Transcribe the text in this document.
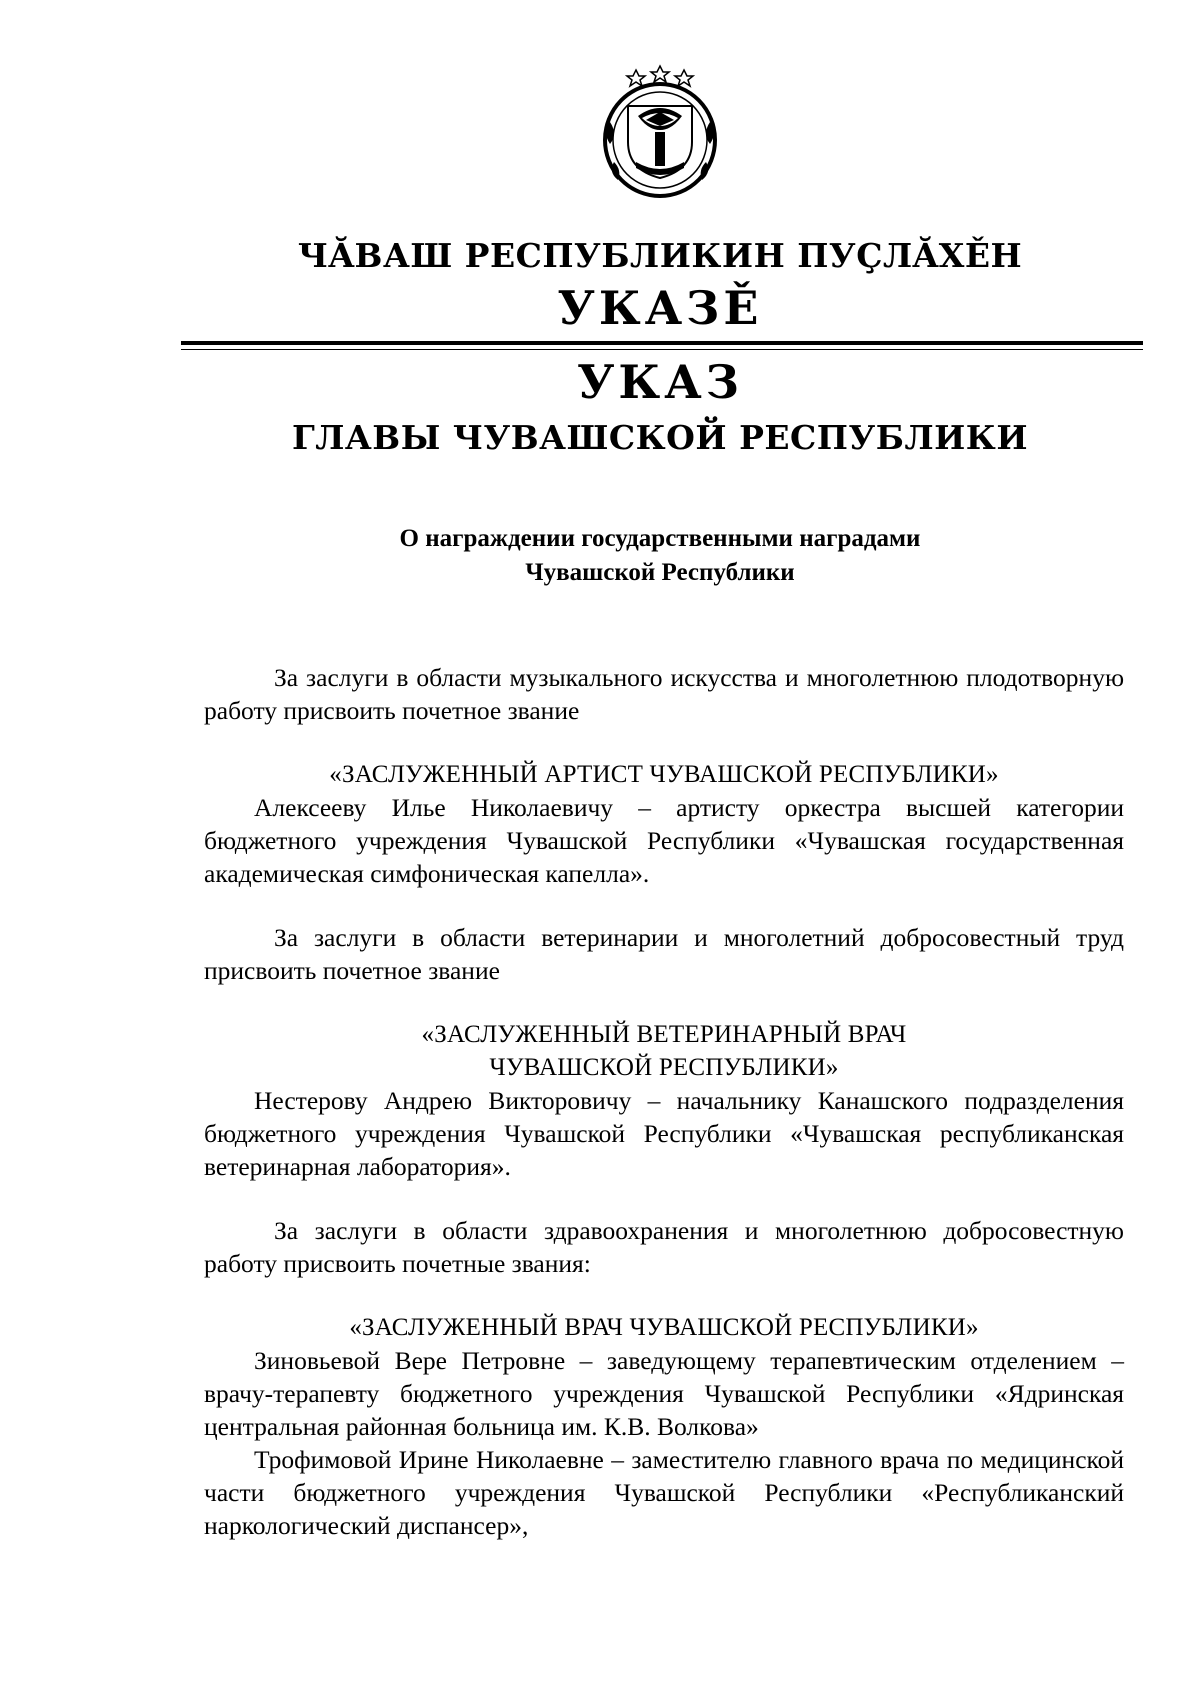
ЧĂВАШ РЕСПУБЛИКИН ПУÇЛĂХĚН
УКАЗĚ
УКАЗ
ГЛАВЫ ЧУВАШСКОЙ РЕСПУБЛИКИ
О награждении государственными наградами
Чувашской Республики

За заслуги в области музыкального искусства и многолетнюю плодотворную работу присвоить почетное звание

«ЗАСЛУЖЕННЫЙ АРТИСТ ЧУВАШСКОЙ РЕСПУБЛИКИ»

Алексееву Илье Николаевичу – артисту оркестра высшей категории бюджетного учреждения Чувашской Республики «Чувашская государственная академическая симфоническая капелла».

За заслуги в области ветеринарии и многолетний добросовестный труд присвоить почетное звание

«ЗАСЛУЖЕННЫЙ ВЕТЕРИНАРНЫЙ ВРАЧ

ЧУВАШСКОЙ РЕСПУБЛИКИ»

Нестерову Андрею Викторовичу – начальнику Канашского подразделения бюджетного учреждения Чувашской Республики «Чувашская республиканская ветеринарная лаборатория».

За заслуги в области здравоохранения и многолетнюю добросовестную работу присвоить почетные звания:

«ЗАСЛУЖЕННЫЙ ВРАЧ ЧУВАШСКОЙ РЕСПУБЛИКИ»

Зиновьевой Вере Петровне – заведующему терапевтическим отделением – врачу-терапевту бюджетного учреждения Чувашской Республики «Ядринская центральная районная больница им. К.В. Волкова»

Трофимовой Ирине Николаевне – заместителю главного врача по медицинской части бюджетного учреждения Чувашской Республики «Республиканский наркологический диспансер»,
